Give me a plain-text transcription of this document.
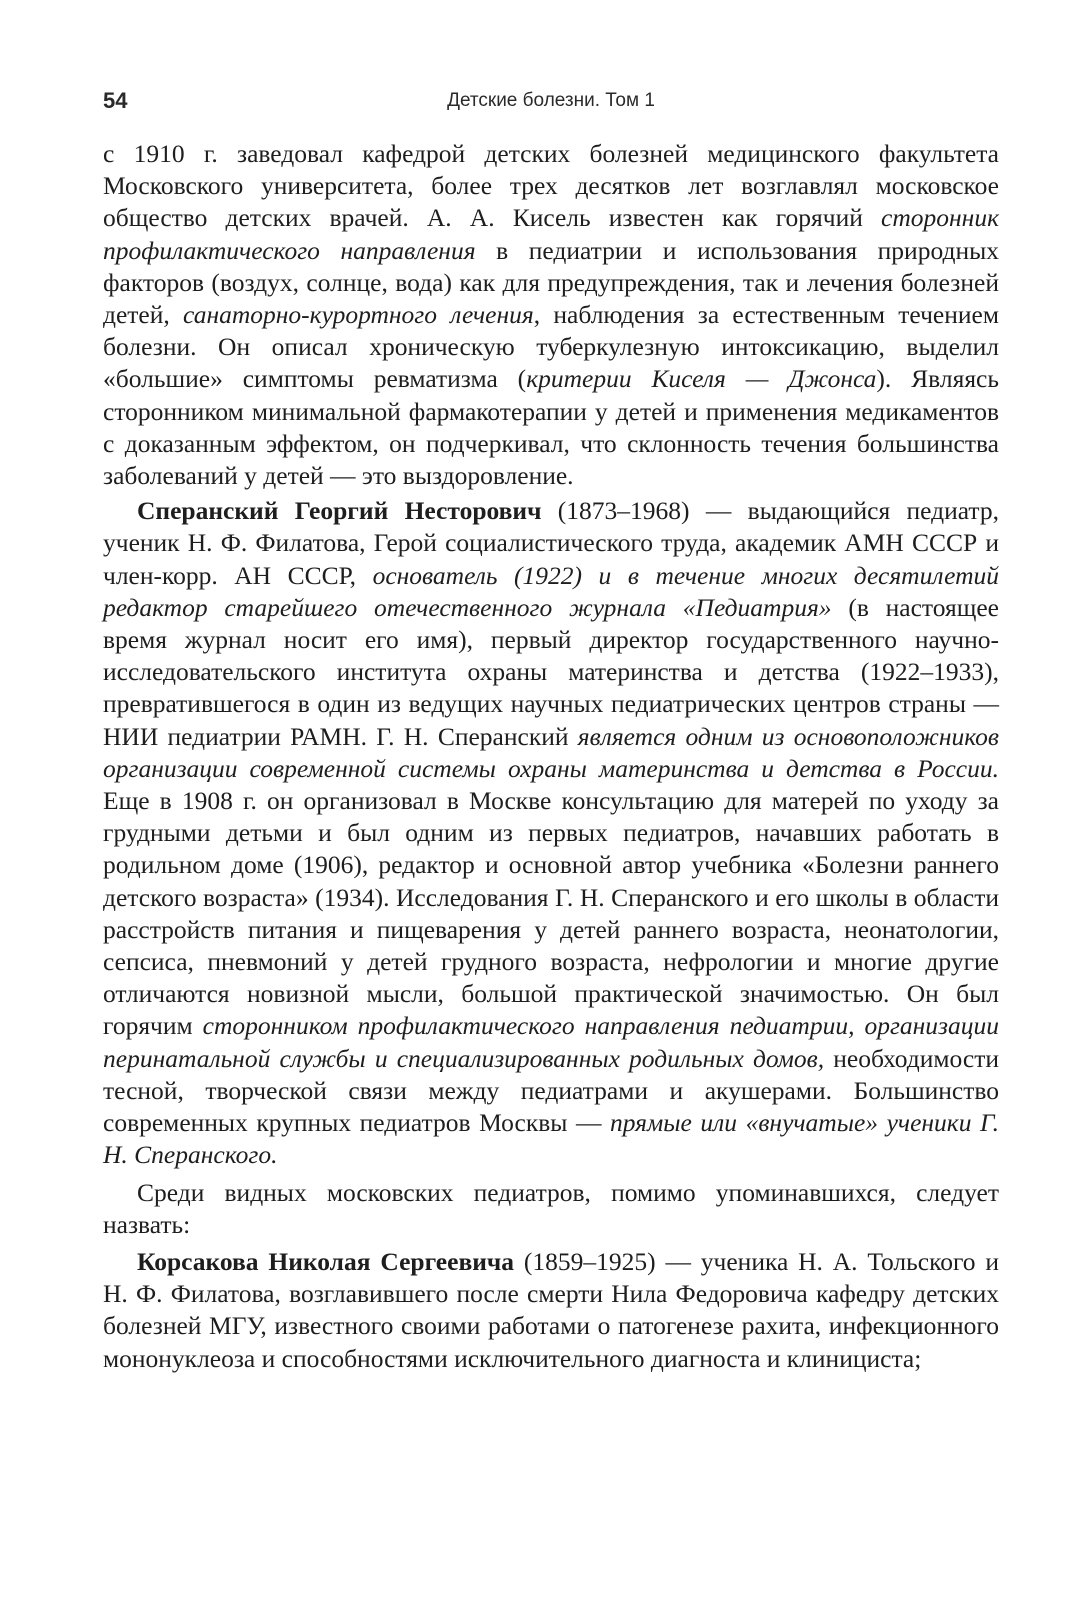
54	Детские болезни. Том 1

с 1910 г. заведовал кафедрой детских болезней медицинского факультета Московского университета, более трех десятков лет возглавлял московское общество детских врачей. А. А. Кисель известен как горячий сторонник профилактического направления в педиатрии и использования природных факторов (воздух, солнце, вода) как для предупреждения, так и лечения болезней детей, санаторно-курортного лечения, наблюдения за естественным течением болезни. Он описал хроническую туберкулезную интоксикацию, выделил «большие» симптомы ревматизма (критерии Киселя — Джонса). Являясь сторонником минимальной фармакотерапии у детей и применения медикаментов с доказанным эффектом, он подчеркивал, что склонность течения большинства заболеваний у детей — это выздоровление.

Сперанский Георгий Несторович (1873–1968) — выдающийся педиатр, ученик Н. Ф. Филатова, Герой социалистического труда, академик АМН СССР и член-корр. АН СССР, основатель (1922) и в течение многих десятилетий редактор старейшего отечественного журнала «Педиатрия» (в настоящее время журнал носит его имя), первый директор государственного научно-исследовательского института охраны материнства и детства (1922–1933), превратившегося в один из ведущих научных педиатрических центров страны — НИИ педиатрии РАМН. Г. Н. Сперанский является одним из основоположников организации современной системы охраны материнства и детства в России. Еще в 1908 г. он организовал в Москве консультацию для матерей по уходу за грудными детьми и был одним из первых педиатров, начавших работать в родильном доме (1906), редактор и основной автор учебника «Болезни раннего детского возраста» (1934). Исследования Г. Н. Сперанского и его школы в области расстройств питания и пищеварения у детей раннего возраста, неонатологии, сепсиса, пневмоний у детей грудного возраста, нефрологии и многие другие отличаются новизной мысли, большой практической значимостью. Он был горячим сторонником профилактического направления педиатрии, организации перинатальной службы и специализированных родильных домов, необходимости тесной, творческой связи между педиатрами и акушерами. Большинство современных крупных педиатров Москвы — прямые или «внучатые» ученики Г. Н. Сперанского.

Среди видных московских педиатров, помимо упоминавшихся, следует назвать:

Корсакова Николая Сергеевича (1859–1925) — ученика Н. А. Тольского и Н. Ф. Филатова, возглавившего после смерти Нила Федоровича кафедру детских болезней МГУ, известного своими работами о патогенезе рахита, инфекционного мононуклеоза и способностями исключительного диагноста и клинициста;
